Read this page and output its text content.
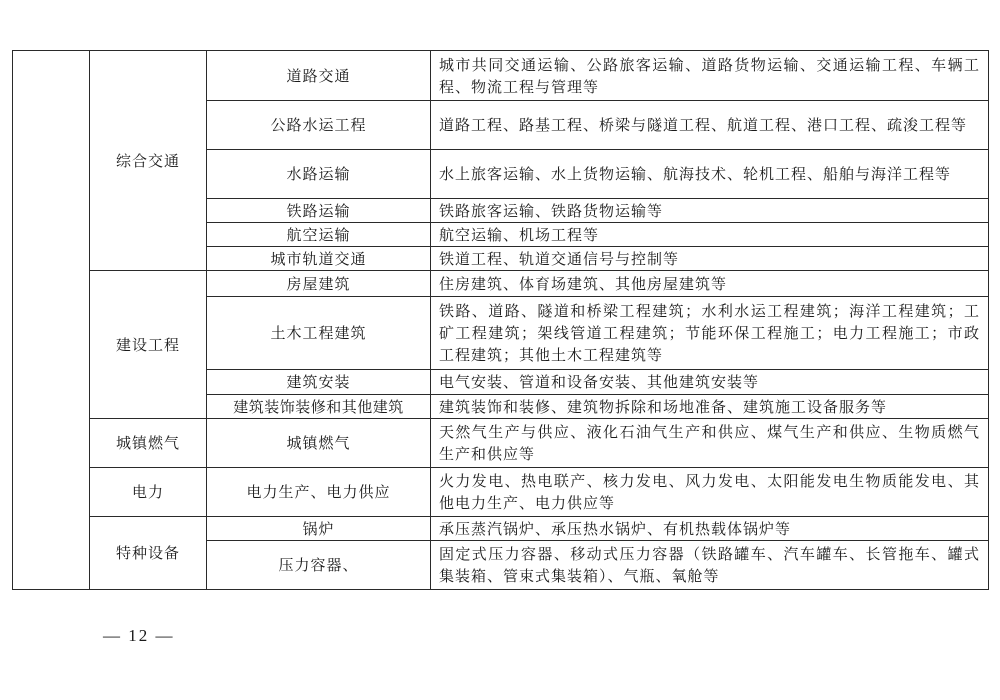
	综合交通	道路交通	城市共同交通运输、公路旅客运输、道路货物运输、交通运输工程、车辆工程、物流工程与管理等
		公路水运工程	道路工程、路基工程、桥梁与隧道工程、航道工程、港口工程、疏浚工程等
		水路运输	水上旅客运输、水上货物运输、航海技术、轮机工程、船舶与海洋工程等
		铁路运输	铁路旅客运输、铁路货物运输等
		航空运输	航空运输、机场工程等
		城市轨道交通	铁道工程、轨道交通信号与控制等
	建设工程	房屋建筑	住房建筑、体育场建筑、其他房屋建筑等
		土木工程建筑	铁路、道路、隧道和桥梁工程建筑；水利水运工程建筑；海洋工程建筑；工矿工程建筑；架线管道工程建筑；节能环保工程施工；电力工程施工；市政工程建筑；其他土木工程建筑等
		建筑安装	电气安装、管道和设备安装、其他建筑安装等
		建筑装饰装修和其他建筑	建筑装饰和装修、建筑物拆除和场地准备、建筑施工设备服务等
	城镇燃气	城镇燃气	天然气生产与供应、液化石油气生产和供应、煤气生产和供应、生物质燃气生产和供应等
	电力	电力生产、电力供应	火力发电、热电联产、核力发电、风力发电、太阳能发电生物质能发电、其他电力生产、电力供应等
	特种设备	锅炉	承压蒸汽锅炉、承压热水锅炉、有机热载体锅炉等
		压力容器、	固定式压力容器、移动式压力容器（铁路罐车、汽车罐车、长管拖车、罐式集装箱、管束式集装箱）、气瓶、氧舱等
— 12 —
